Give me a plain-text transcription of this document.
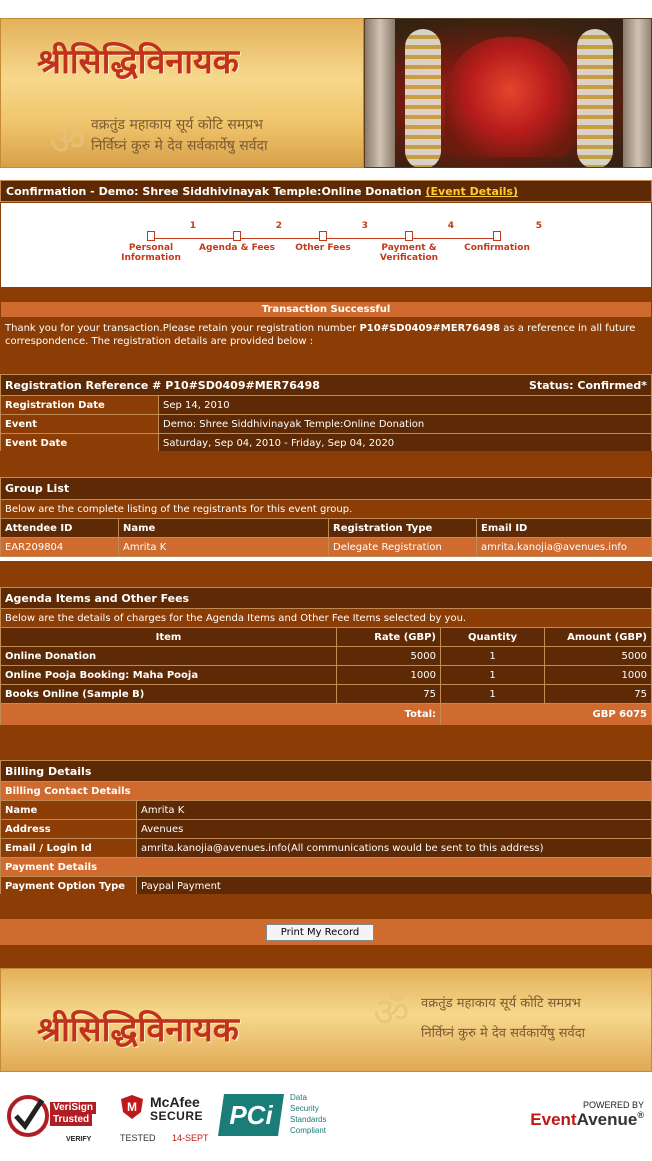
श्रीसिद्धिविनायक
ॐ वक्रतुंड महाकाय सूर्य कोटि समप्रभ
निर्विघ्नं कुरु मे देव सर्वकार्येषु सर्वदा
Confirmation - Demo: Shree Siddhivinayak Temple:Online Donation (Event Details)
1
Personal
Information
2
Agenda & Fees
3
Other Fees
4
Payment &
Verification
5
Confirmation
Transaction Successful
Thank you for your transaction.Please retain your registration number P10#SD0409#MER76498 as a reference in all future correspondence. The registration details are provided below :
Registration Reference # P10#SD0409#MER76498 Status: Confirmed*	

Registration Date	Sep 14, 2010
Event	Demo: Shree Siddhivinayak Temple:Online Donation
Event Date	Saturday, Sep 04, 2010 - Friday, Sep 04, 2020
Group List			
Below are the complete listing of the registrants for this event group.			
Attendee ID	Name	Registration Type	Email ID
EAR209804	Amrita K	Delegate Registration	amrita.kanojia@avenues.info
Agenda Items and Other Fees			
Below are the details of charges for the Agenda Items and Other Fee Items selected by you.			
Item	Rate (GBP)	Quantity	Amount (GBP)
Online Donation	5000	1	5000
Online Pooja Booking: Maha Pooja	1000	1	1000
Books Online (Sample B)	75	1	75
Total:		GBP 6075	
Billing Details	
Billing Contact Details	
Name	Amrita K
Address	Avenues
Email / Login Id	amrita.kanojia@avenues.info(All communications would be sent to this address)
Payment Details	
Payment Option Type	Paypal Payment
Print My Record
श्रीसिद्धिविनायक	ॐ वक्रतुंड महाकाय सूर्य कोटि समप्रभ
निर्विघ्नं कुरु मे देव सर्वकार्येषु सर्वदा
VeriSign
Trusted
VERIFY
M McAfee
SECURE
TESTED 14-SEPT
PCi
Data
Security
Standards
Compliant
POWERED BY
EventAvenue®
